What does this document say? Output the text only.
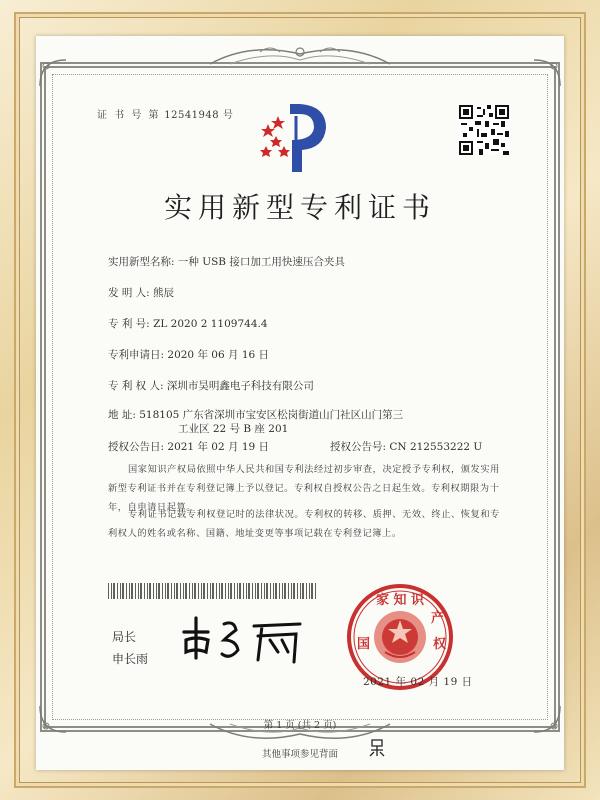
证 书 号 第 12541948 号
实用新型专利证书
实用新型名称: 一种 USB 接口加工用快速压合夹具
发 明 人: 熊辰
专 利 号: ZL 2020 2 1109744.4
专利申请日: 2020 年 06 月 16 日
专 利 权 人: 深圳市昊明鑫电子科技有限公司
地 址: 518105 广东省深圳市宝安区松岗街道山门社区山门第三
工业区 22 号 B 座 201
授权公告日: 2021 年 02 月 19 日	授权公告号: CN 212553222 U
国家知识产权局依照中华人民共和国专利法经过初步审查，决定授予专利权，颁发实用新型专利证书并在专利登记簿上予以登记。专利权自授权公告之日起生效。专利权期限为十年，自申请日起算。
专利证书记载专利权登记时的法律状况。专利权的转移、质押、无效、终止、恢复和专利权人的姓名或名称、国籍、地址变更等事项记载在专利登记簿上。
局长
申长雨
家 知 识
国
产
权
2021 年 02 月 19 日
第 1 页 (共 2 页)
其他事项参见背面
